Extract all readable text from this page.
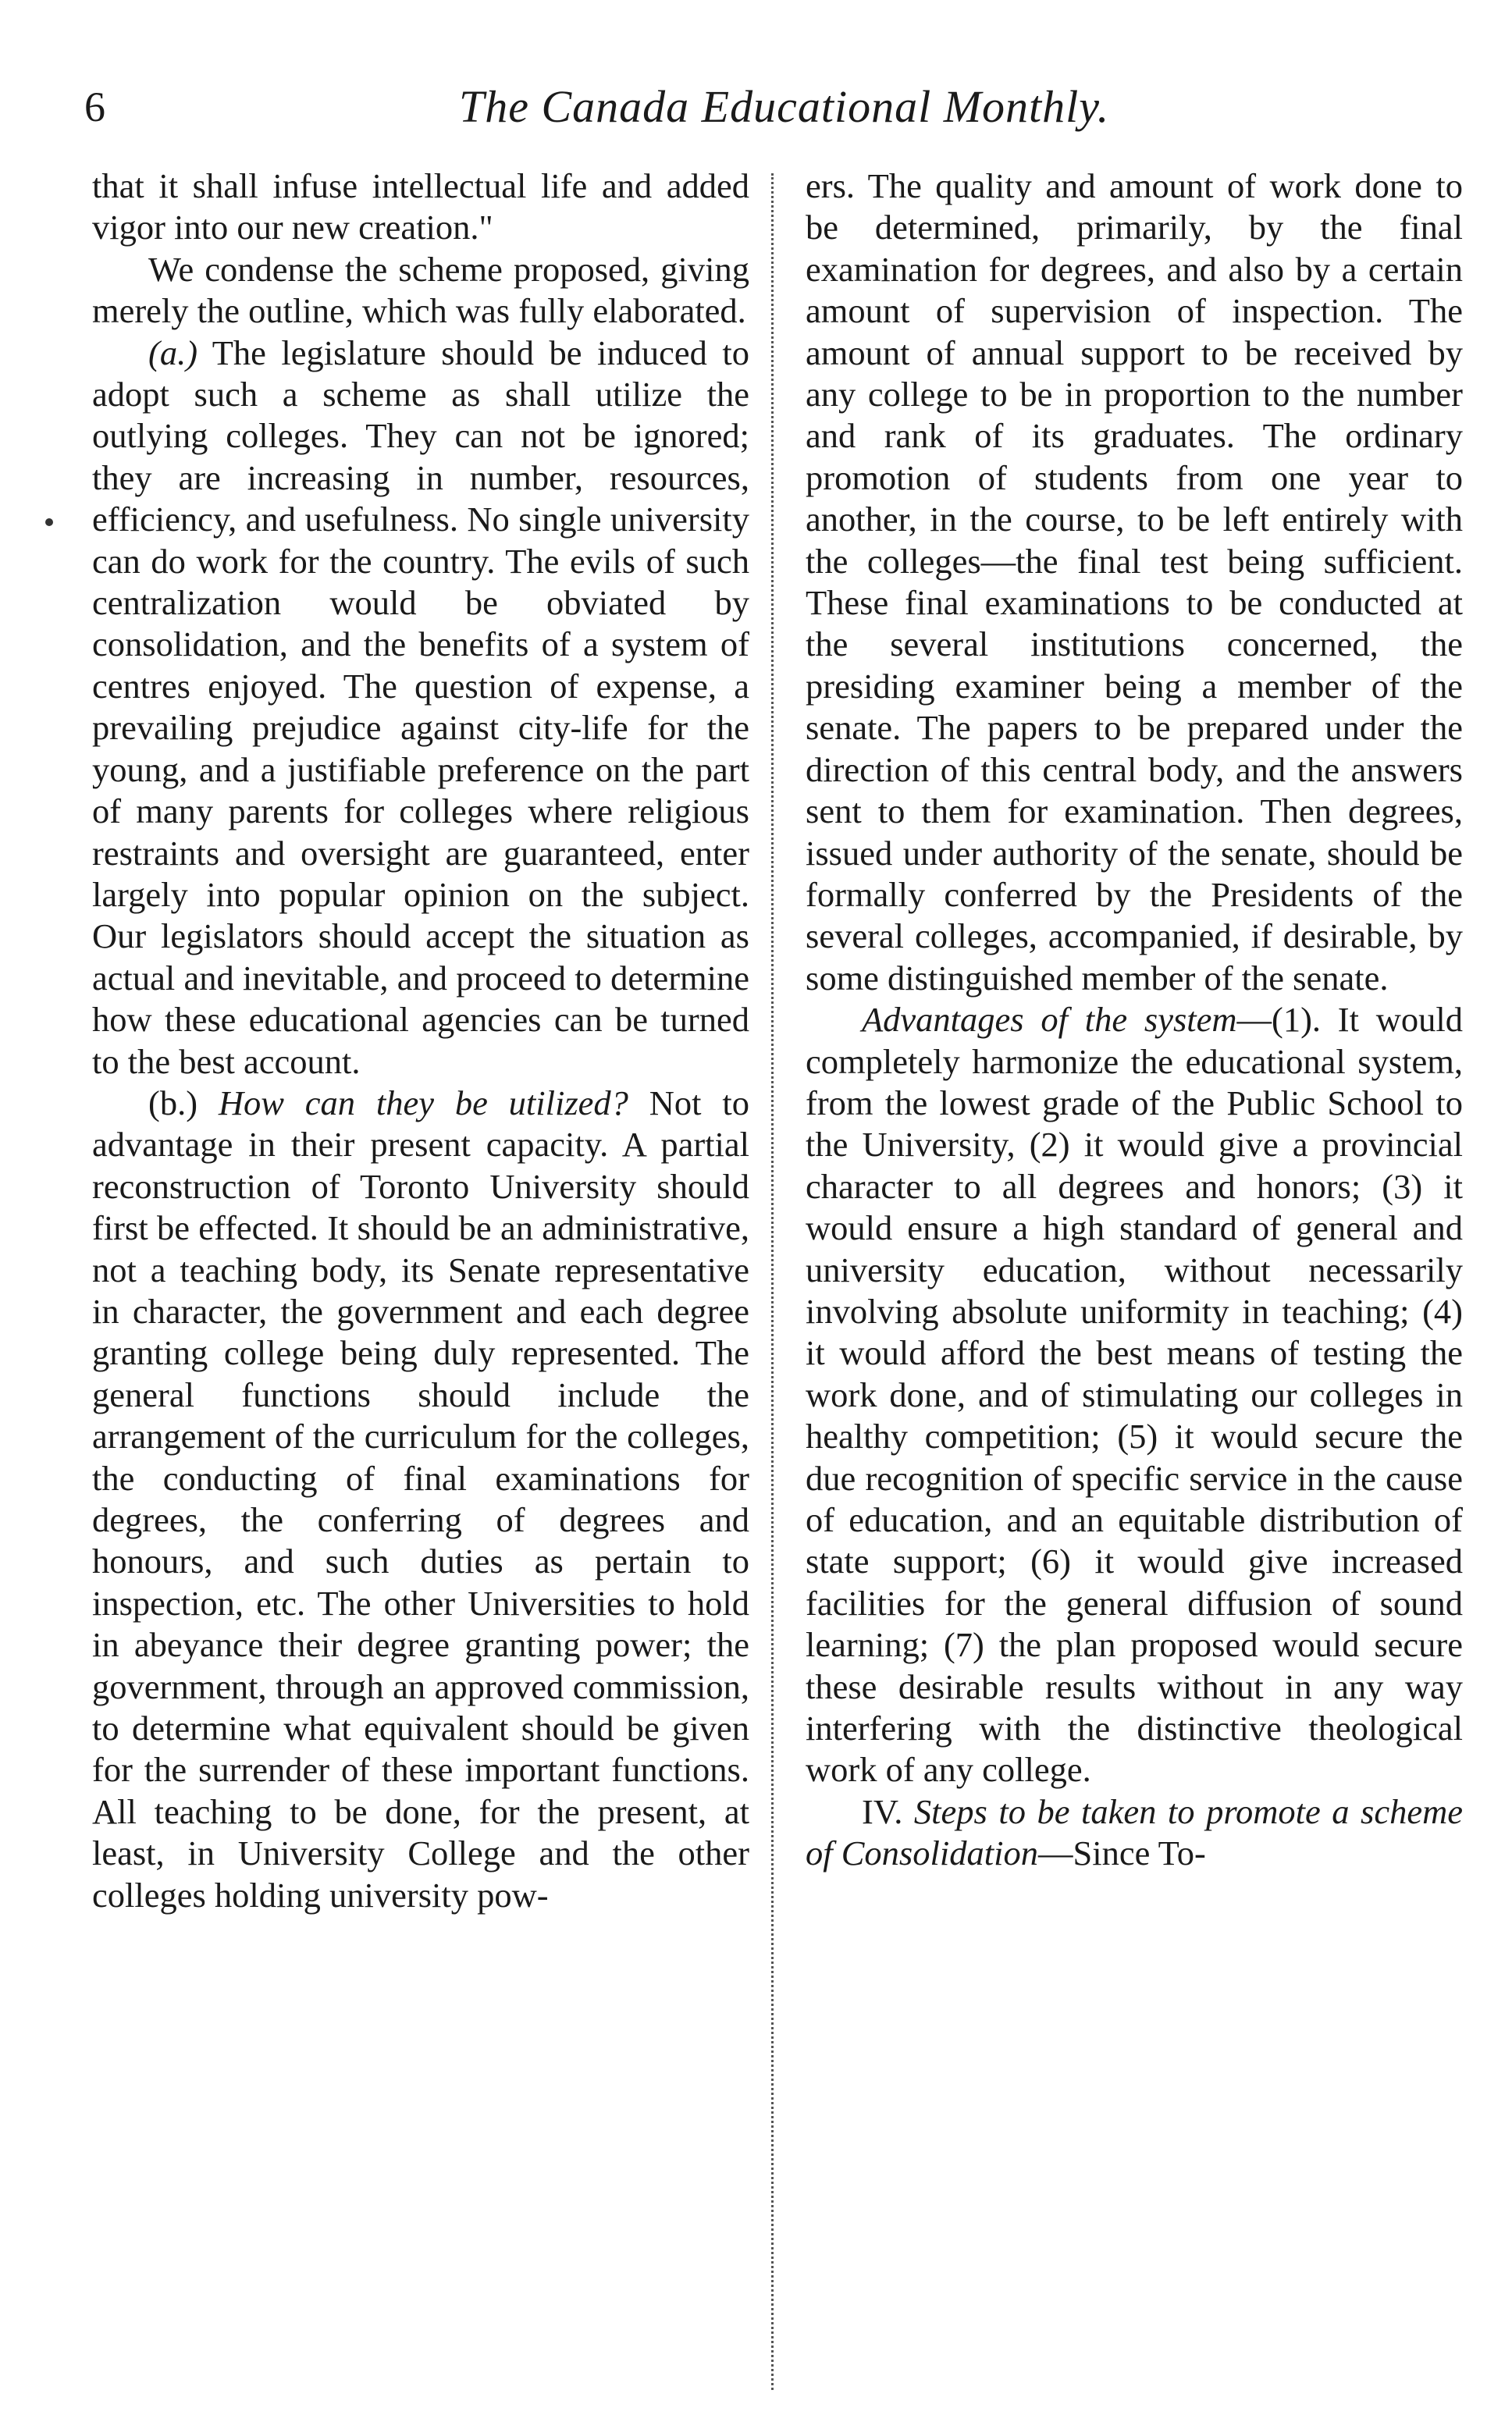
6	The Canada Educational Monthly.

that it shall infuse intellectual life and added vigor into our new creation."

We condense the scheme proposed, giving merely the outline, which was fully elaborated.

(a.) The legislature should be induced to adopt such a scheme as shall utilize the outlying colleges. They can not be ignored; they are increasing in number, resources, efficiency, and usefulness. No single university can do work for the country. The evils of such centralization would be obviated by consolidation, and the benefits of a system of centres enjoyed. The question of expense, a prevailing prejudice against city-life for the young, and a justifiable preference on the part of many parents for colleges where religious restraints and oversight are guaranteed, enter largely into popular opinion on the subject. Our legislators should accept the situation as actual and inevitable, and proceed to determine how these educational agencies can be turned to the best account.

(b.) How can they be utilized? Not to advantage in their present capacity. A partial reconstruction of Toronto University should first be effected. It should be an administrative, not a teaching body, its Senate representative in character, the government and each degree granting college being duly represented. The general functions should include the arrangement of the curriculum for the colleges, the conducting of final examinations for degrees, the conferring of degrees and honours, and such duties as pertain to inspection, etc. The other Universities to hold in abeyance their degree granting power; the government, through an approved commission, to determine what equivalent should be given for the surrender of these important functions. All teaching to be done, for the present, at least, in University College and the other colleges holding university pow-

ers. The quality and amount of work done to be determined, primarily, by the final examination for degrees, and also by a certain amount of supervision of inspection. The amount of annual support to be received by any college to be in proportion to the number and rank of its graduates. The ordinary promotion of students from one year to another, in the course, to be left entirely with the colleges—the final test being sufficient. These final examinations to be conducted at the several institutions concerned, the presiding examiner being a member of the senate. The papers to be prepared under the direction of this central body, and the answers sent to them for examination. Then degrees, issued under authority of the senate, should be formally conferred by the Presidents of the several colleges, accompanied, if desirable, by some distinguished member of the senate.

Advantages of the system—(1). It would completely harmonize the educational system, from the lowest grade of the Public School to the University, (2) it would give a provincial character to all degrees and honors; (3) it would ensure a high standard of general and university education, without necessarily involving absolute uniformity in teaching; (4) it would afford the best means of testing the work done, and of stimulating our colleges in healthy competition; (5) it would secure the due recognition of specific service in the cause of education, and an equitable distribution of state support; (6) it would give increased facilities for the general diffusion of sound learning; (7) the plan proposed would secure these desirable results without in any way interfering with the distinctive theological work of any college.

IV. Steps to be taken to promote a scheme of Consolidation—Since To-
